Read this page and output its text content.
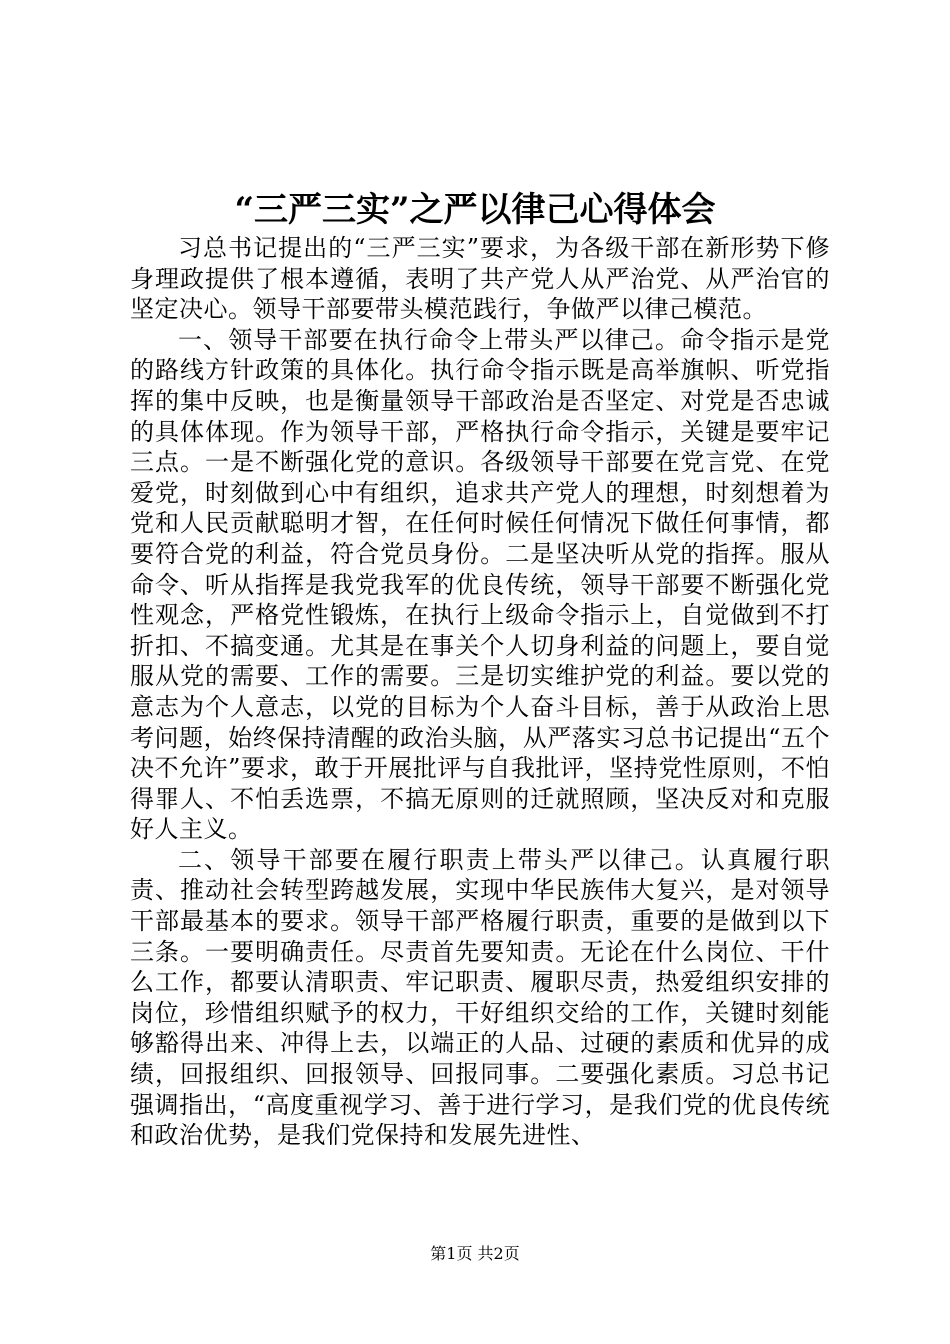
“三严三实”之严以律己心得体会

习总书记提出的“三严三实”要求，为各级干部在新形势下修身理政提供了根本遵循，表明了共产党人从严治党、从严治官的坚定决心。领导干部要带头模范践行，争做严以律己模范。

一、领导干部要在执行命令上带头严以律己。命令指示是党的路线方针政策的具体化。执行命令指示既是高举旗帜、听党指挥的集中反映，也是衡量领导干部政治是否坚定、对党是否忠诚的具体体现。作为领导干部，严格执行命令指示，关键是要牢记三点。一是不断强化党的意识。各级领导干部要在党言党、在党爱党，时刻做到心中有组织，追求共产党人的理想，时刻想着为党和人民贡献聪明才智，在任何时候任何情况下做任何事情，都要符合党的利益，符合党员身份。二是坚决听从党的指挥。服从命令、听从指挥是我党我军的优良传统，领导干部要不断强化党性观念，严格党性锻炼，在执行上级命令指示上，自觉做到不打折扣、不搞变通。尤其是在事关个人切身利益的问题上，要自觉服从党的需要、工作的需要。三是切实维护党的利益。要以党的意志为个人意志，以党的目标为个人奋斗目标，善于从政治上思考问题，始终保持清醒的政治头脑，从严落实习总书记提出“五个决不允许”要求，敢于开展批评与自我批评，坚持党性原则，不怕得罪人、不怕丢选票，不搞无原则的迁就照顾，坚决反对和克服好人主义。

二、领导干部要在履行职责上带头严以律己。认真履行职责、推动社会转型跨越发展，实现中华民族伟大复兴，是对领导干部最基本的要求。领导干部严格履行职责，重要的是做到以下三条。一要明确责任。尽责首先要知责。无论在什么岗位、干什么工作，都要认清职责、牢记职责、履职尽责，热爱组织安排的岗位，珍惜组织赋予的权力，干好组织交给的工作，关键时刻能够豁得出来、冲得上去，以端正的人品、过硬的素质和优异的成绩，回报组织、回报领导、回报同事。二要强化素质。习总书记强调指出，“高度重视学习、善于进行学习，是我们党的优良传统和政治优势，是我们党保持和发展先进性、

第1页 共2页
